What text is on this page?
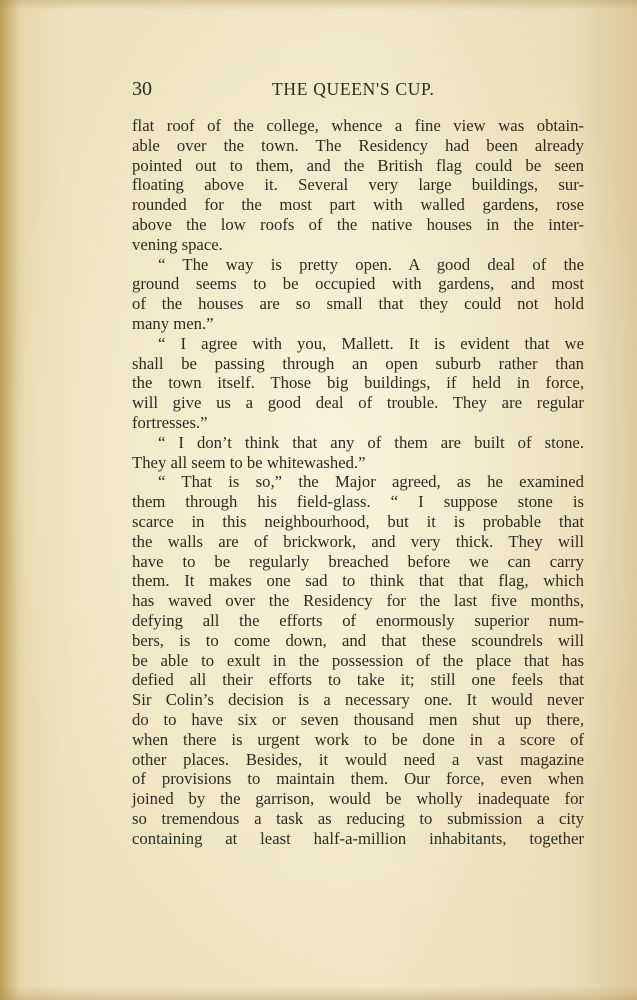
30	THE QUEEN'S CUP.
flat roof of the college, whence a fine view was obtain-
able over the town. The Residency had been already
pointed out to them, and the British flag could be seen
floating above it. Several very large buildings, sur-
rounded for the most part with walled gardens, rose
above the low roofs of the native houses in the inter-
vening space.
“ The way is pretty open. A good deal of the
ground seems to be occupied with gardens, and most
of the houses are so small that they could not hold
many men.”
“ I agree with you, Mallett. It is evident that we
shall be passing through an open suburb rather than
the town itself. Those big buildings, if held in force,
will give us a good deal of trouble. They are regular
fortresses.”
“ I don’t think that any of them are built of stone.
They all seem to be whitewashed.”
“ That is so,” the Major agreed, as he examined
them through his field-glass. “ I suppose stone is
scarce in this neighbourhood, but it is probable that
the walls are of brickwork, and very thick. They will
have to be regularly breached before we can carry
them. It makes one sad to think that that flag, which
has waved over the Residency for the last five months,
defying all the efforts of enormously superior num-
bers, is to come down, and that these scoundrels will
be able to exult in the possession of the place that has
defied all their efforts to take it; still one feels that
Sir Colin’s decision is a necessary one. It would never
do to have six or seven thousand men shut up there,
when there is urgent work to be done in a score of
other places. Besides, it would need a vast magazine
of provisions to maintain them. Our force, even when
joined by the garrison, would be wholly inadequate for
so tremendous a task as reducing to submission a city
containing at least half-a-million inhabitants, together
